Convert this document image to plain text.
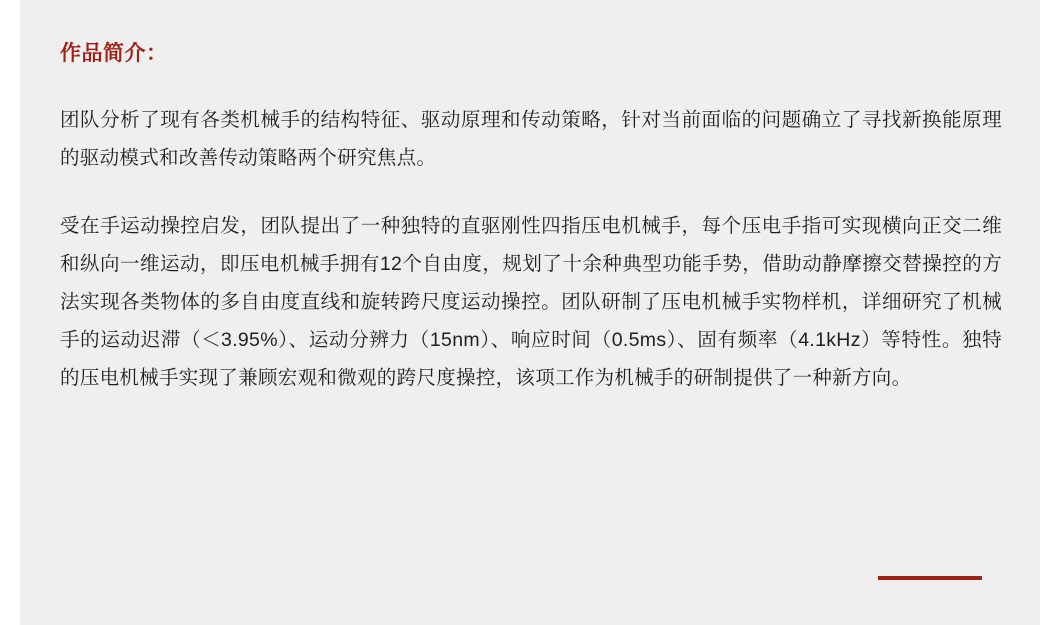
作品简介：

团队分析了现有各类机械手的结构特征、驱动原理和传动策略，针对当前面临的问题确立了寻找新换能原理的驱动模式和改善传动策略两个研究焦点。

受在手运动操控启发，团队提出了一种独特的直驱刚性四指压电机械手，每个压电手指可实现横向正交二维和纵向一维运动，即压电机械手拥有12个自由度，规划了十余种典型功能手势，借助动静摩擦交替操控的方法实现各类物体的多自由度直线和旋转跨尺度运动操控。团队研制了压电机械手实物样机，详细研究了机械手的运动迟滞（＜3.95%）、运动分辨力（15nm）、响应时间（0.5ms）、固有频率（4.1kHz）等特性。独特的压电机械手实现了兼顾宏观和微观的跨尺度操控，该项工作为机械手的研制提供了一种新方向。
